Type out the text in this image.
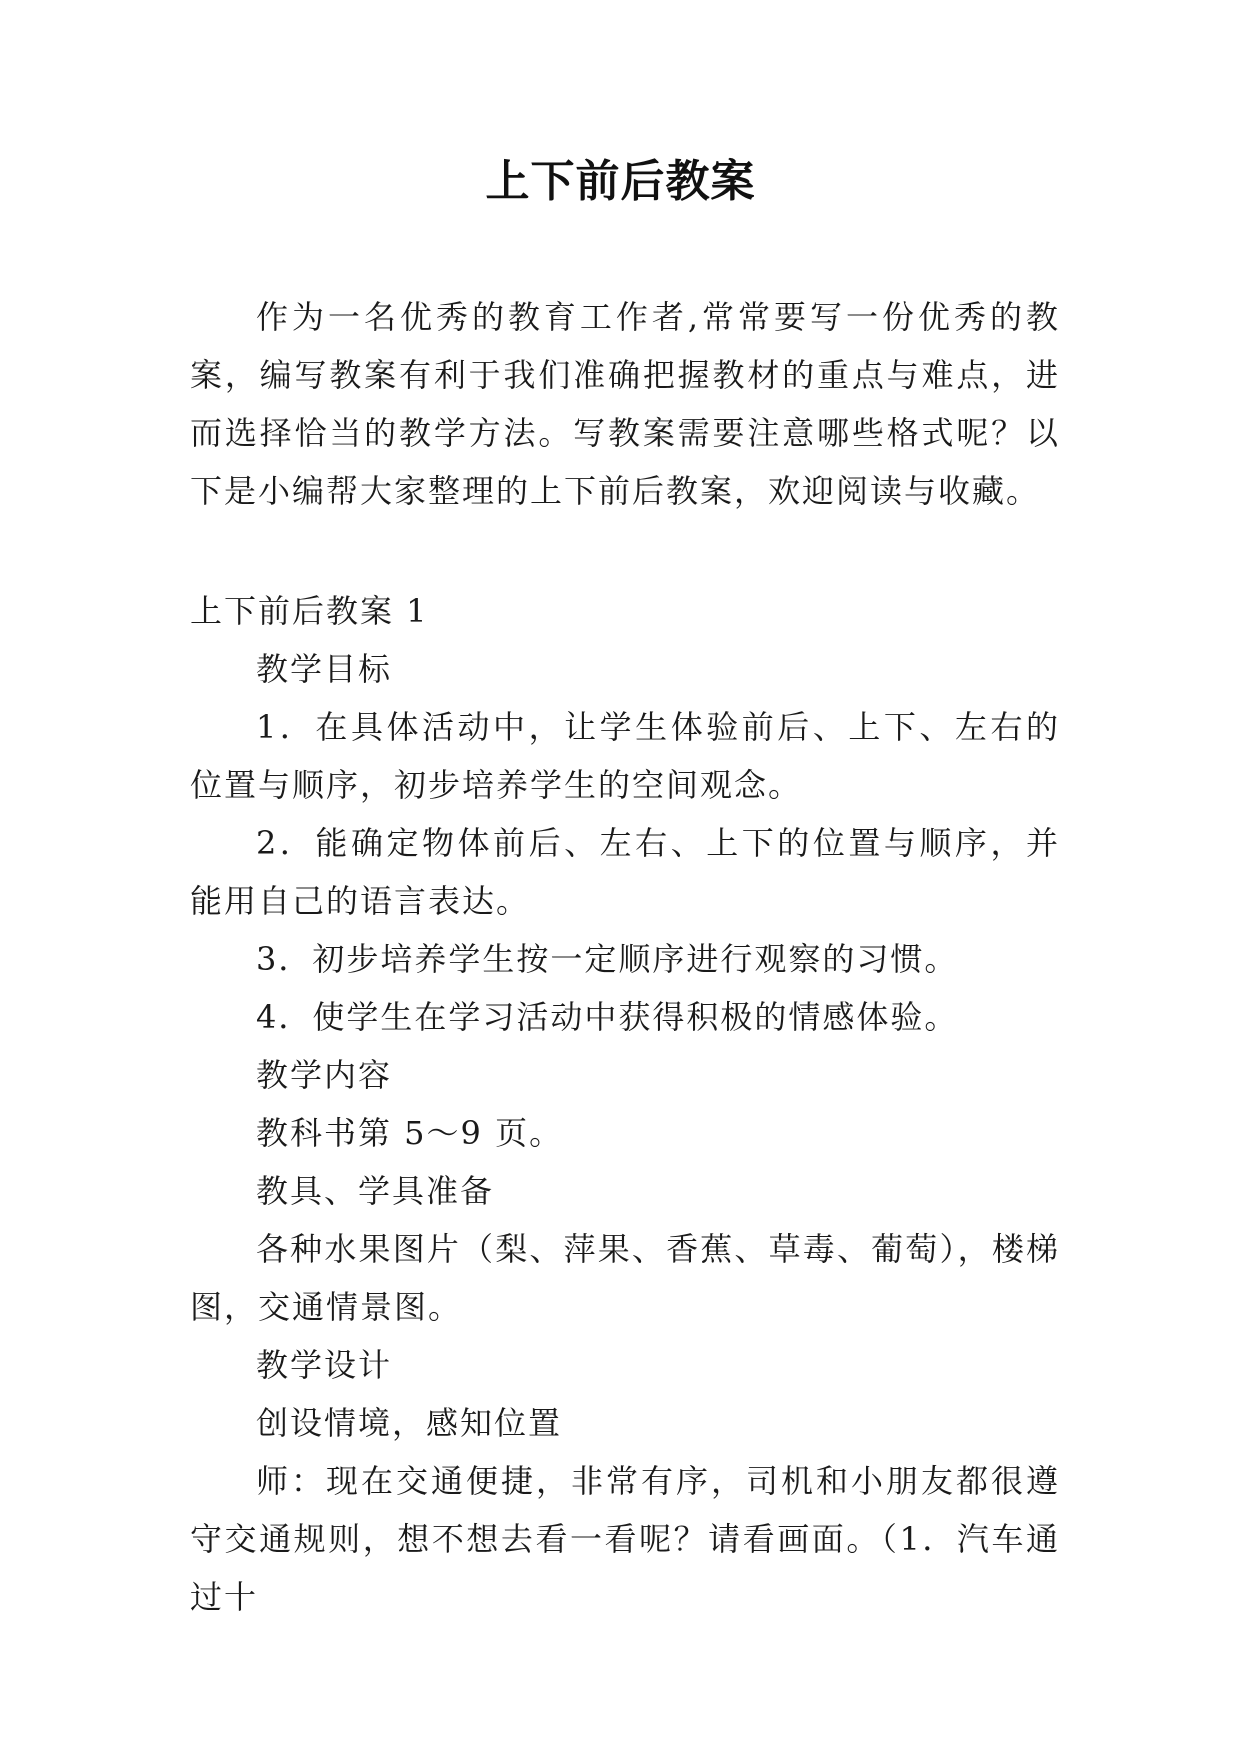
上下前后教案

作为一名优秀的教育工作者,常常要写一份优秀的教案，编写教案有利于我们准确把握教材的重点与难点，进而选择恰当的教学方法。写教案需要注意哪些格式呢？以下是小编帮大家整理的上下前后教案，欢迎阅读与收藏。

上下前后教案 1

教学目标

1．在具体活动中，让学生体验前后、上下、左右的位置与顺序，初步培养学生的空间观念。

2．能确定物体前后、左右、上下的位置与顺序，并能用自己的语言表达。

3．初步培养学生按一定顺序进行观察的习惯。

4．使学生在学习活动中获得积极的情感体验。

教学内容

教科书第 5～9 页。

教具、学具准备

各种水果图片（梨、萍果、香蕉、草毒、葡萄），楼梯图，交通情景图。

教学设计

创设情境，感知位置

师：现在交通便捷，非常有序，司机和小朋友都很遵守交通规则，想不想去看一看呢？请看画面。（1．汽车通过十
